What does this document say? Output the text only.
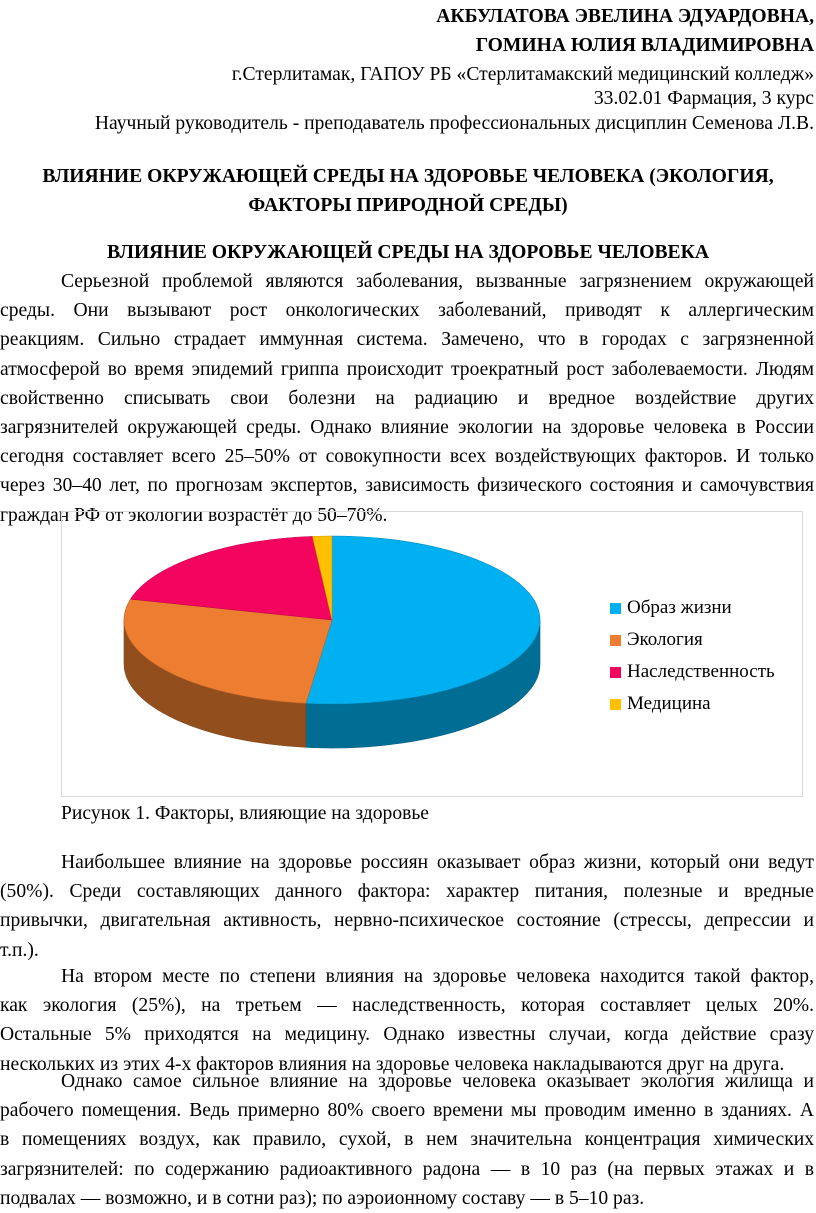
АКБУЛАТОВА ЭВЕЛИНА ЭДУАРДОВНА,
ГОМИНА ЮЛИЯ ВЛАДИМИРОВНА
г.Стерлитамак, ГАПОУ РБ «Стерлитамакский медицинский колледж»
33.02.01 Фармация, 3 курс
Научный руководитель - преподаватель профессиональных дисциплин Семенова Л.В.
ВЛИЯНИЕ ОКРУЖАЮЩЕЙ СРЕДЫ НА ЗДОРОВЬЕ ЧЕЛОВЕКА (ЭКОЛОГИЯ,
ФАКТОРЫ ПРИРОДНОЙ СРЕДЫ)
ВЛИЯНИЕ ОКРУЖАЮЩЕЙ СРЕДЫ НА ЗДОРОВЬЕ ЧЕЛОВЕКА
Серьезной проблемой являются заболевания, вызванные загрязнением окружающей
среды. Они вызывают рост онкологических заболеваний, приводят к аллергическим
реакциям. Сильно страдает иммунная система. Замечено, что в городах с загрязненной
атмосферой во время эпидемий гриппа происходит троекратный рост заболеваемости. Людям
свойственно списывать свои болезни на радиацию и вредное воздействие других
загрязнителей окружающей среды. Однако влияние экологии на здоровье человека в России
сегодня составляет всего 25–50% от совокупности всех воздействующих факторов. И только
через 30–40 лет, по прогнозам экспертов, зависимость физического состояния и самочувствия
граждан РФ от экологии возрастёт до 50–70%.
Образ жизни
Экология
Наследственность
Медицина
Рисунок 1. Факторы, влияющие на здоровье
Наибольшее влияние на здоровье россиян оказывает образ жизни, который они ведут
(50%). Среди составляющих данного фактора: характер питания, полезные и вредные
привычки, двигательная активность, нервно-психическое состояние (стрессы, депрессии и
т.п.).
На втором месте по степени влияния на здоровье человека находится такой фактор,
как экология (25%), на третьем — наследственность, которая составляет целых 20%.
Остальные 5% приходятся на медицину. Однако известны случаи, когда действие сразу
нескольких из этих 4-х факторов влияния на здоровье человека накладываются друг на друга.
Однако самое сильное влияние на здоровье человека оказывает экология жилища и
рабочего помещения. Ведь примерно 80% своего времени мы проводим именно в зданиях. А
в помещениях воздух, как правило, сухой, в нем значительна концентрация химических
загрязнителей: по содержанию радиоактивного радона — в 10 раз (на первых этажах и в
подвалах — возможно, и в сотни раз); по аэроионному составу — в 5–10 раз.
